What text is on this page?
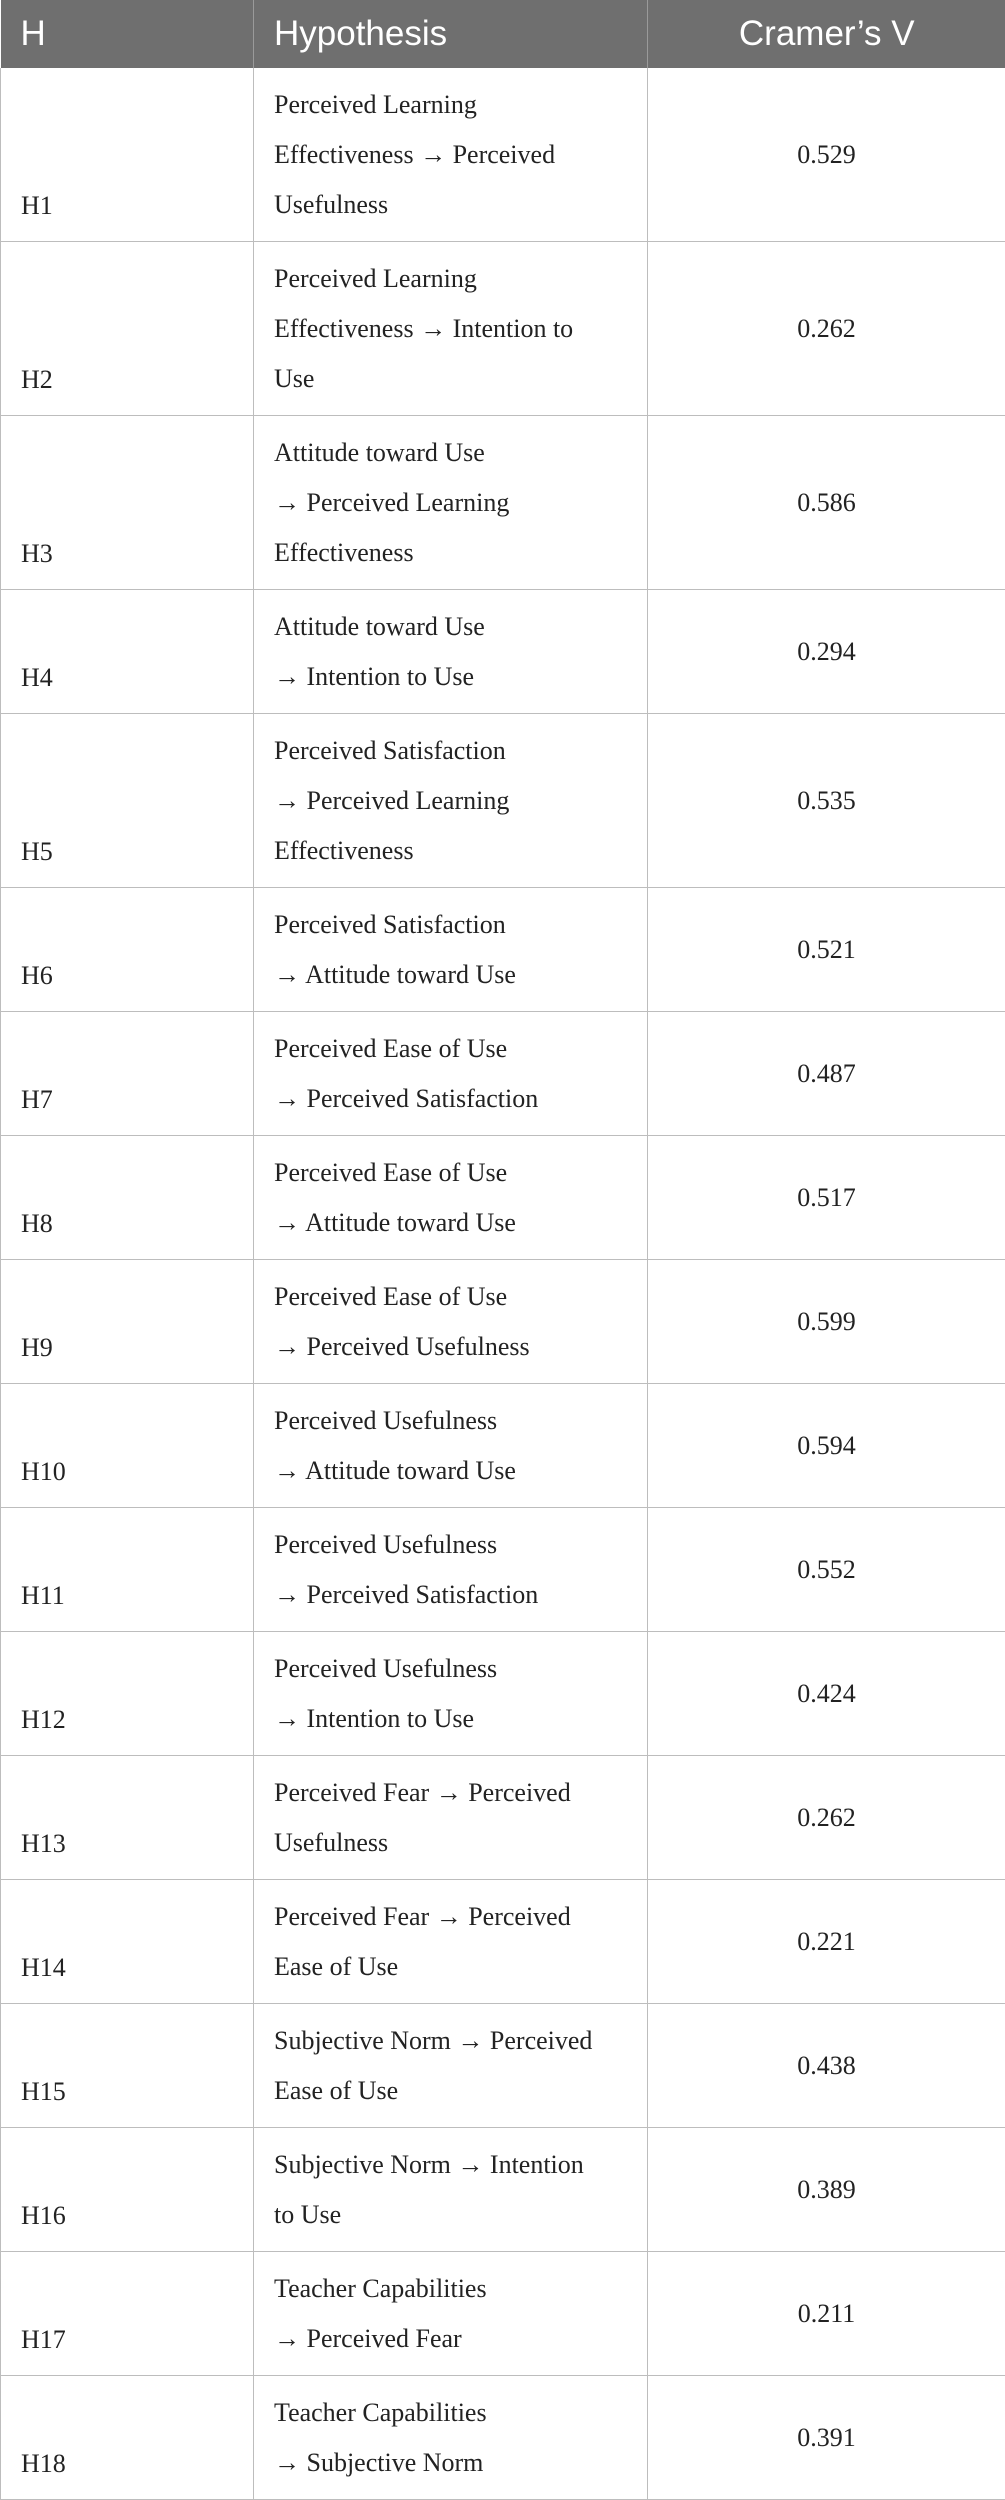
H	Hypothesis	Cramer’s V
H1	Perceived Learning
Effectiveness → Perceived
Usefulness	0.529
H2	Perceived Learning
Effectiveness → Intention to
Use	0.262
H3	Attitude toward Use
→ Perceived Learning
Effectiveness	0.586
H4	Attitude toward Use
→ Intention to Use	0.294
H5	Perceived Satisfaction
→ Perceived Learning
Effectiveness	0.535
H6	Perceived Satisfaction
→ Attitude toward Use	0.521
H7	Perceived Ease of Use
→ Perceived Satisfaction	0.487
H8	Perceived Ease of Use
→ Attitude toward Use	0.517
H9	Perceived Ease of Use
→ Perceived Usefulness	0.599
H10	Perceived Usefulness
→ Attitude toward Use	0.594
H11	Perceived Usefulness
→ Perceived Satisfaction	0.552
H12	Perceived Usefulness
→ Intention to Use	0.424
H13	Perceived Fear → Perceived
Usefulness	0.262
H14	Perceived Fear → Perceived
Ease of Use	0.221
H15	Subjective Norm → Perceived
Ease of Use	0.438
H16	Subjective Norm → Intention
to Use	0.389
H17	Teacher Capabilities
→ Perceived Fear	0.211
H18	Teacher Capabilities
→ Subjective Norm	0.391
